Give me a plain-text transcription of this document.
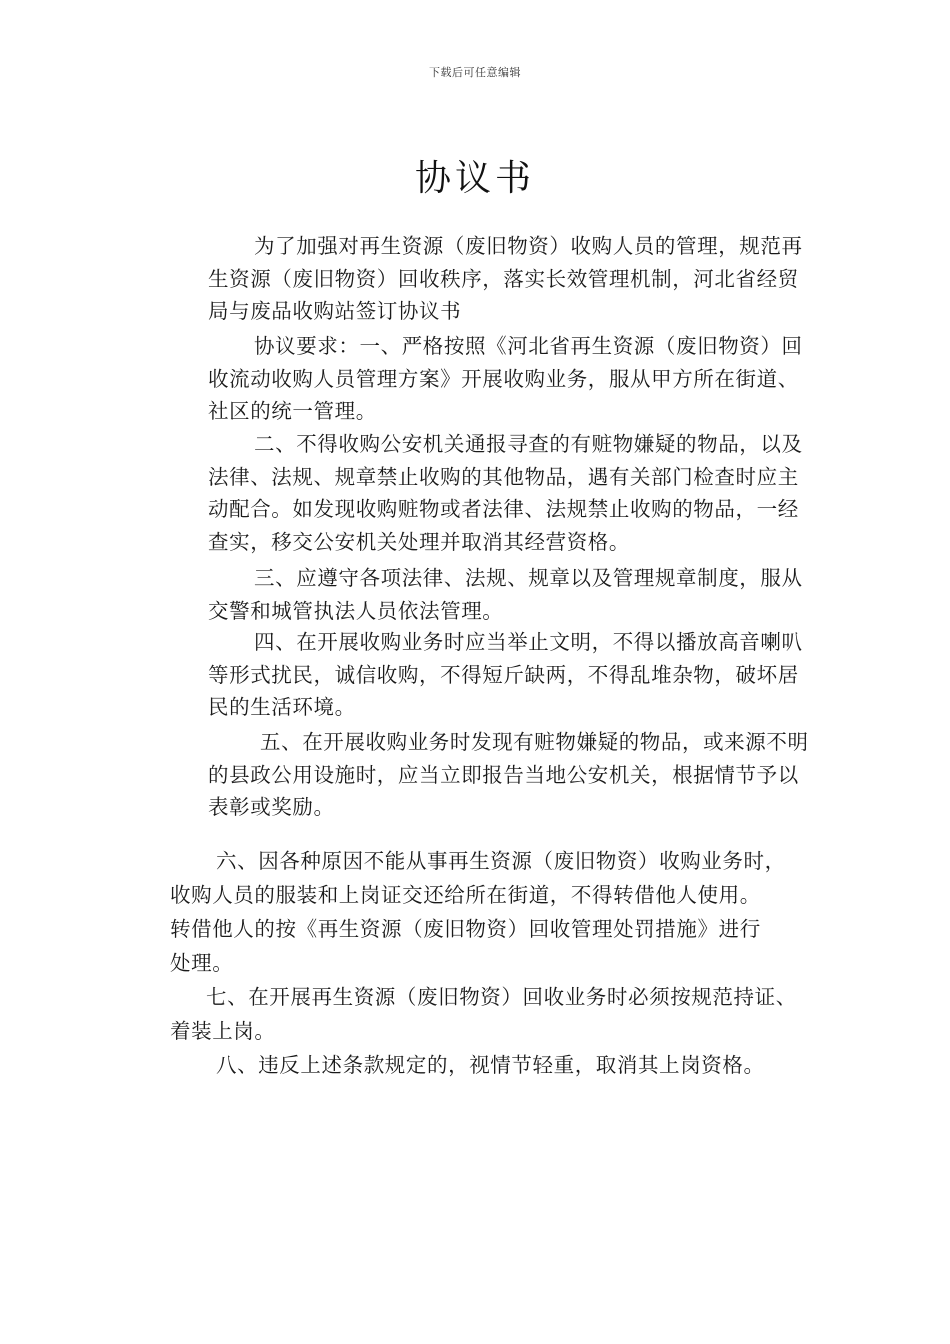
下载后可任意编辑
协议书
为了加强对再生资源（废旧物资）收购人员的管理，规范再
生资源（废旧物资）回收秩序，落实长效管理机制，河北省经贸
局与废品收购站签订协议书
协议要求：一、严格按照《河北省再生资源（废旧物资）回
收流动收购人员管理方案》开展收购业务，服从甲方所在街道、
社区的统一管理。
二、不得收购公安机关通报寻查的有赃物嫌疑的物品，以及
法律、法规、规章禁止收购的其他物品，遇有关部门检查时应主
动配合。如发现收购赃物或者法律、法规禁止收购的物品，一经
查实，移交公安机关处理并取消其经营资格。
三、应遵守各项法律、法规、规章以及管理规章制度，服从
交警和城管执法人员依法管理。
四、在开展收购业务时应当举止文明，不得以播放高音喇叭
等形式扰民，诚信收购，不得短斤缺两，不得乱堆杂物，破坏居
民的生活环境。
五、在开展收购业务时发现有赃物嫌疑的物品，或来源不明
的县政公用设施时，应当立即报告当地公安机关，根据情节予以
表彰或奖励。
六、因各种原因不能从事再生资源（废旧物资）收购业务时，
收购人员的服装和上岗证交还给所在街道，不得转借他人使用。
转借他人的按《再生资源（废旧物资）回收管理处罚措施》进行
处理。
七、在开展再生资源（废旧物资）回收业务时必须按规范持证、
着装上岗。
八、违反上述条款规定的，视情节轻重，取消其上岗资格。
